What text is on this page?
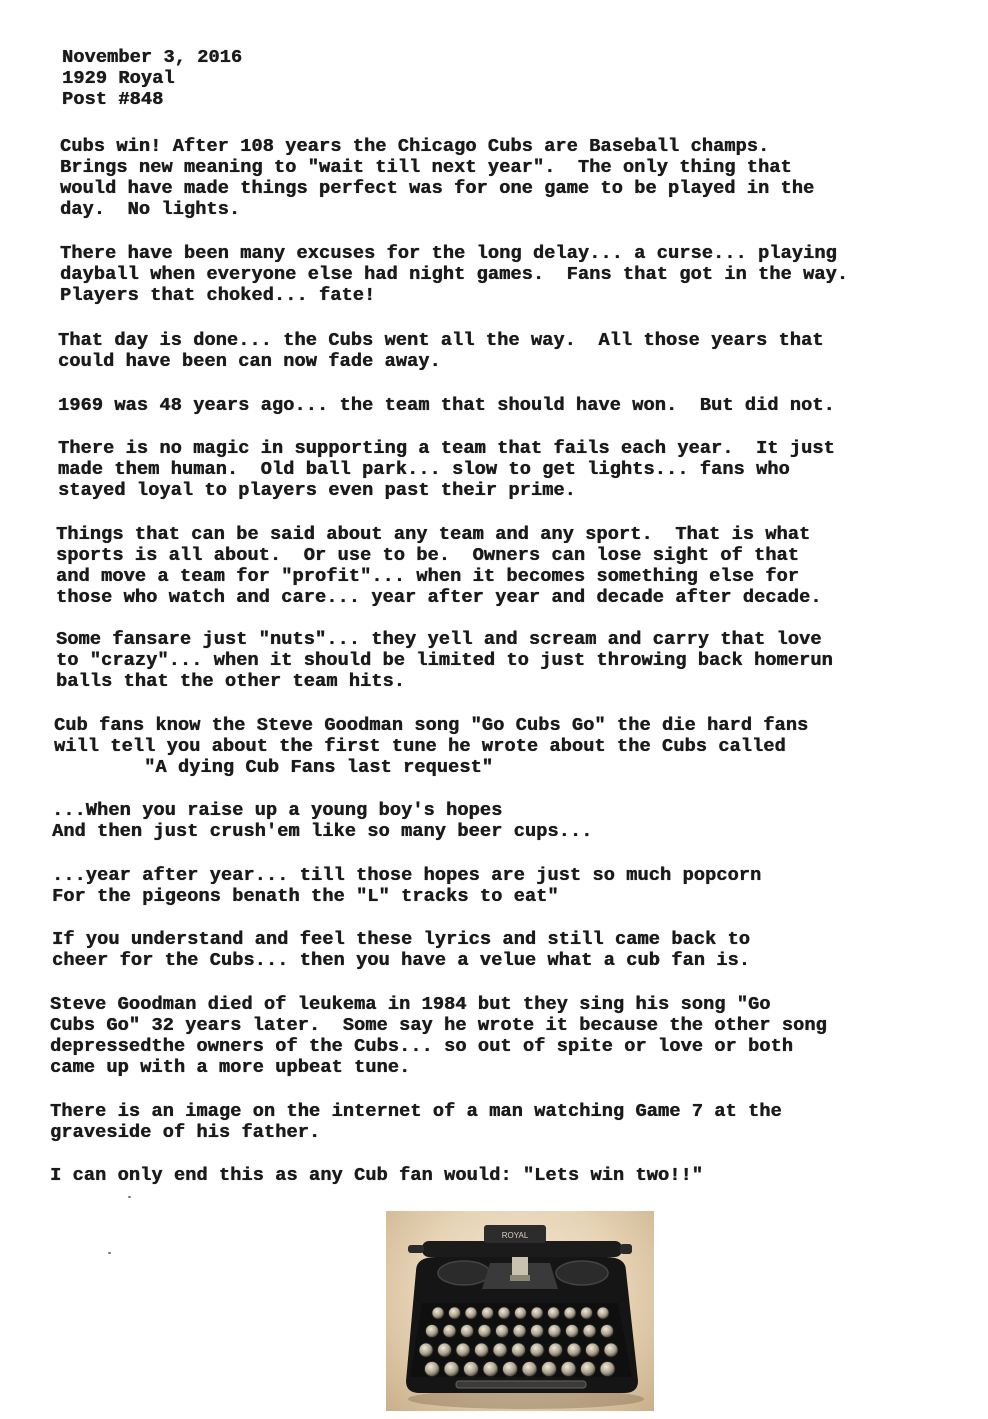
November 3, 2016
1929 Royal
Post #848
Cubs win! After 108 years the Chicago Cubs are Baseball champs.
Brings new meaning to "wait till next year".  The only thing that
would have made things perfect was for one game to be played in the
day.  No lights.
There have been many excuses for the long delay... a curse... playing
dayball when everyone else had night games.  Fans that got in the way.
Players that choked... fate!
That day is done... the Cubs went all the way.  All those years that
could have been can now fade away.
1969 was 48 years ago... the team that should have won.  But did not.
There is no magic in supporting a team that fails each year.  It just
made them human.  Old ball park... slow to get lights... fans who
stayed loyal to players even past their prime.
Things that can be said about any team and any sport.  That is what
sports is all about.  Or use to be.  Owners can lose sight of that
and move a team for "profit"... when it becomes something else for
those who watch and care... year after year and decade after decade.
Some fansare just "nuts"... they yell and scream and carry that love
to "crazy"... when it should be limited to just throwing back homerun
balls that the other team hits.
Cub fans know the Steve Goodman song "Go Cubs Go" the die hard fans
will tell you about the first tune he wrote about the Cubs called
"A dying Cub Fans last request"
...When you raise up a young boy's hopes
And then just crush'em like so many beer cups...
...year after year... till those hopes are just so much popcorn
For the pigeons benath the "L" tracks to eat"
If you understand and feel these lyrics and still came back to
cheer for the Cubs... then you have a velue what a cub fan is.
Steve Goodman died of leukema in 1984 but they sing his song "Go
Cubs Go" 32 years later.  Some say he wrote it because the other song
depressedthe owners of the Cubs... so out of spite or love or both
came up with a more upbeat tune.
There is an image on the internet of a man watching Game 7 at the
graveside of his father.
I can only end this as any Cub fan would: "Lets win two!!"
ROYAL
